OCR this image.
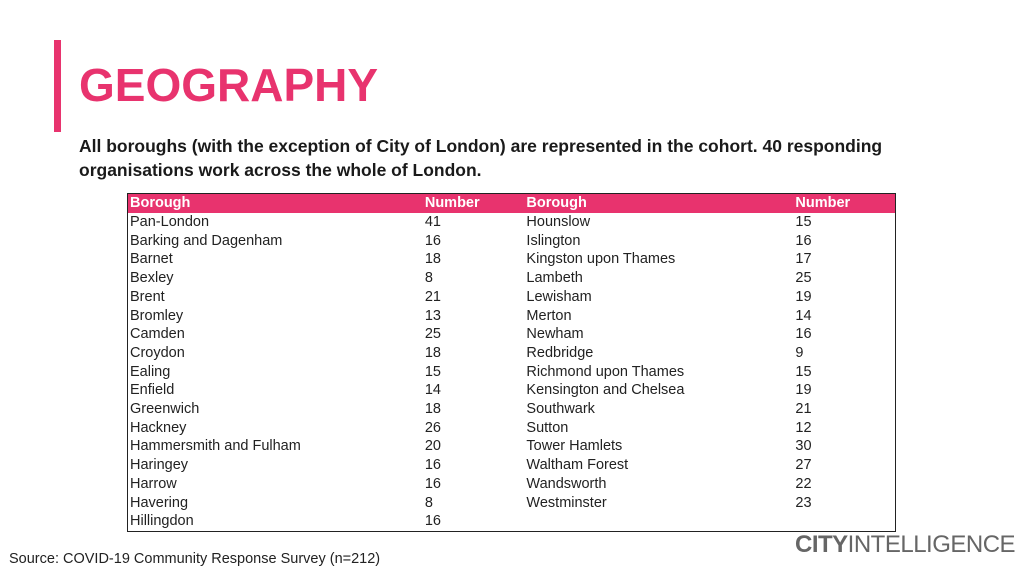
GEOGRAPHY

All boroughs (with the exception of City of London) are represented in the cohort. 40 responding organisations work across the whole of London.

Borough	Number	Borough	Number
Pan-London	41	Hounslow	15
Barking and Dagenham	16	Islington	16
Barnet	18	Kingston upon Thames	17
Bexley	8	Lambeth	25
Brent	21	Lewisham	19
Bromley	13	Merton	14
Camden	25	Newham	16
Croydon	18	Redbridge	9
Ealing	15	Richmond upon Thames	15
Enfield	14	Kensington and Chelsea	19
Greenwich	18	Southwark	21
Hackney	26	Sutton	12
Hammersmith and Fulham	20	Tower Hamlets	30
Haringey	16	Waltham Forest	27
Harrow	16	Wandsworth	22
Havering	8	Westminster	23
Hillingdon	16		
Source: COVID-19 Community Response Survey (n=212)
CITYINTELLIGENCE
